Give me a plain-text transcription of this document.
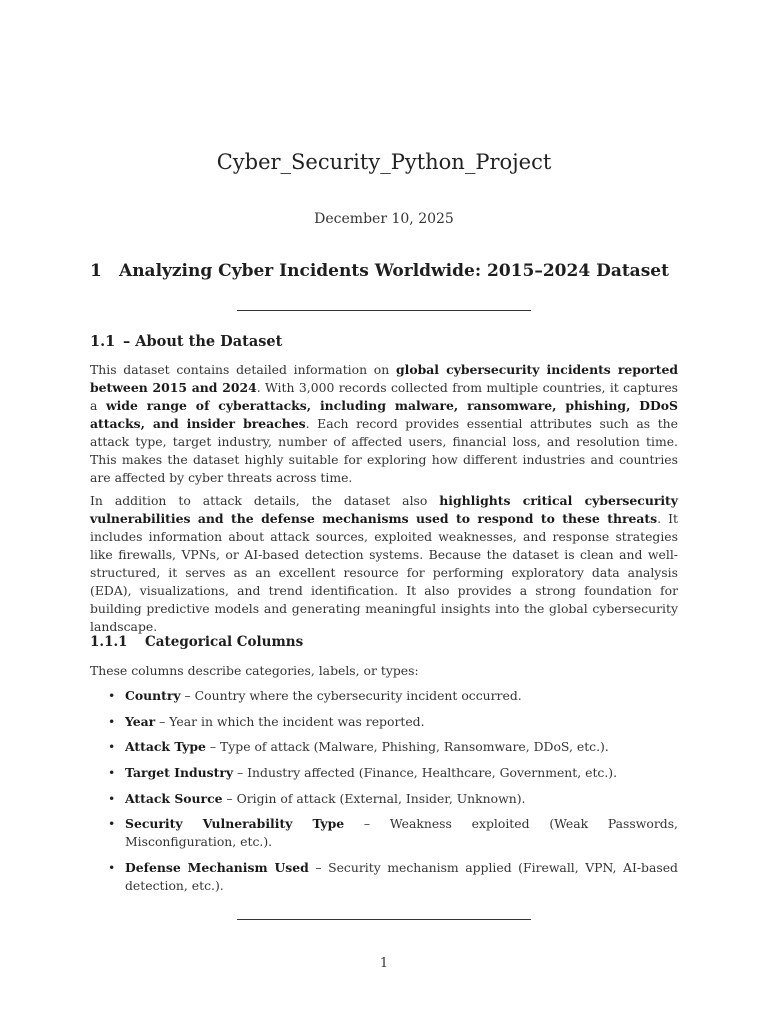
Cyber_Security_Python_Project

December 10, 2025

1 Analyzing Cyber Incidents Worldwide: 2015–2024 Dataset
1.1 – About the Dataset

This dataset contains detailed information on global cybersecurity incidents reported between 2015 and 2024. With 3,000 records collected from multiple countries, it captures a wide range of cyberattacks, including malware, ransomware, phishing, DDoS attacks, and insider breaches. Each record provides essential attributes such as the attack type, target industry, number of affected users, financial loss, and resolution time. This makes the dataset highly suitable for exploring how different industries and countries are affected by cyber threats across time.

In addition to attack details, the dataset also highlights critical cybersecurity vulnerabilities and the defense mechanisms used to respond to these threats. It includes information about attack sources, exploited weaknesses, and response strategies like firewalls, VPNs, or AI-based detection systems. Because the dataset is clean and well-structured, it serves as an excellent resource for performing exploratory data analysis (EDA), visualizations, and trend identification. It also provides a strong foundation for building predictive models and generating meaningful insights into the global cybersecurity landscape.

1.1.1 Categorical Columns

These columns describe categories, labels, or types:

• Country – Country where the cybersecurity incident occurred.
• Year – Year in which the incident was reported.
• Attack Type – Type of attack (Malware, Phishing, Ransomware, DDoS, etc.).
• Target Industry – Industry affected (Finance, Healthcare, Government, etc.).
• Attack Source – Origin of attack (External, Insider, Unknown).
• Security Vulnerability Type – Weakness exploited (Weak Passwords, Misconfiguration, etc.).
• Defense Mechanism Used – Security mechanism applied (Firewall, VPN, AI-based detection, etc.).

1
